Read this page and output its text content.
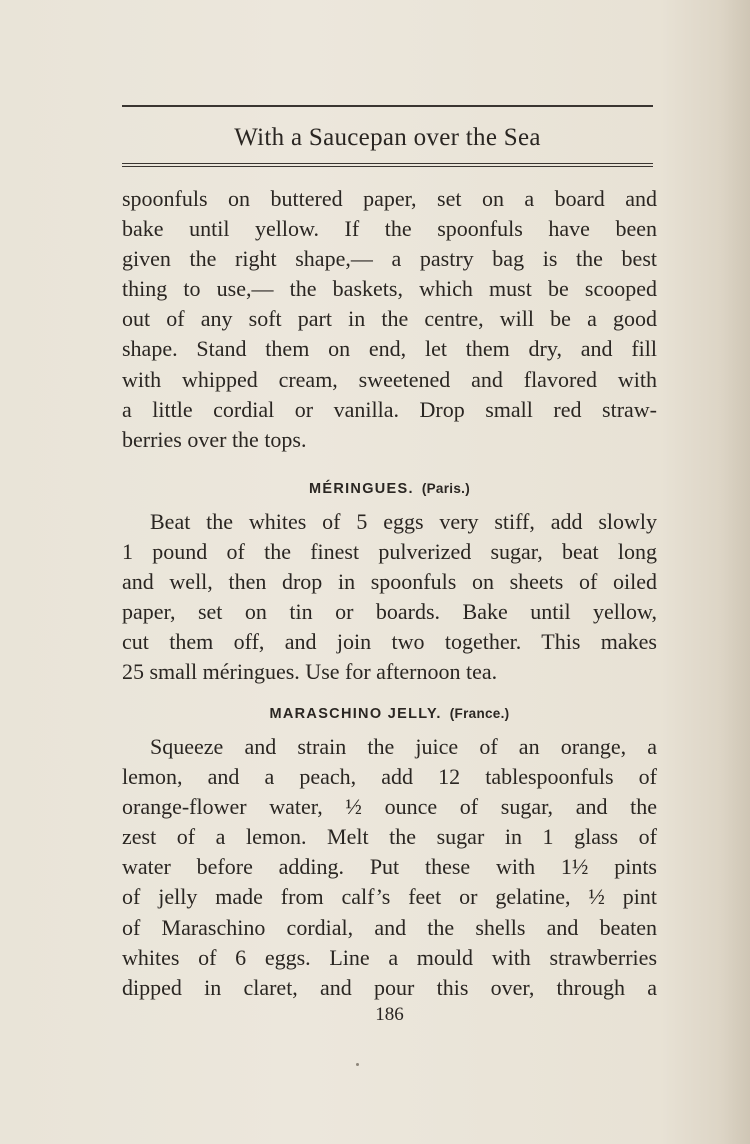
With a Saucepan over the Sea
spoonfuls on buttered paper, set on a board and
bake until yellow. If the spoonfuls have been
given the right shape,— a pastry bag is the best
thing to use,— the baskets, which must be scooped
out of any soft part in the centre, will be a good
shape. Stand them on end, let them dry, and fill
with whipped cream, sweetened and flavored with
a little cordial or vanilla. Drop small red straw-
berries over the tops.
MÉRINGUES. (Paris.)
Beat the whites of 5 eggs very stiff, add slowly
1 pound of the finest pulverized sugar, beat long
and well, then drop in spoonfuls on sheets of oiled
paper, set on tin or boards. Bake until yellow,
cut them off, and join two together. This makes
25 small méringues. Use for afternoon tea.
MARASCHINO JELLY. (France.)
Squeeze and strain the juice of an orange, a
lemon, and a peach, add 12 tablespoonfuls of
orange-flower water, ½ ounce of sugar, and the
zest of a lemon. Melt the sugar in 1 glass of
water before adding. Put these with 1½ pints
of jelly made from calf’s feet or gelatine, ½ pint
of Maraschino cordial, and the shells and beaten
whites of 6 eggs. Line a mould with strawberries
dipped in claret, and pour this over, through a
186
